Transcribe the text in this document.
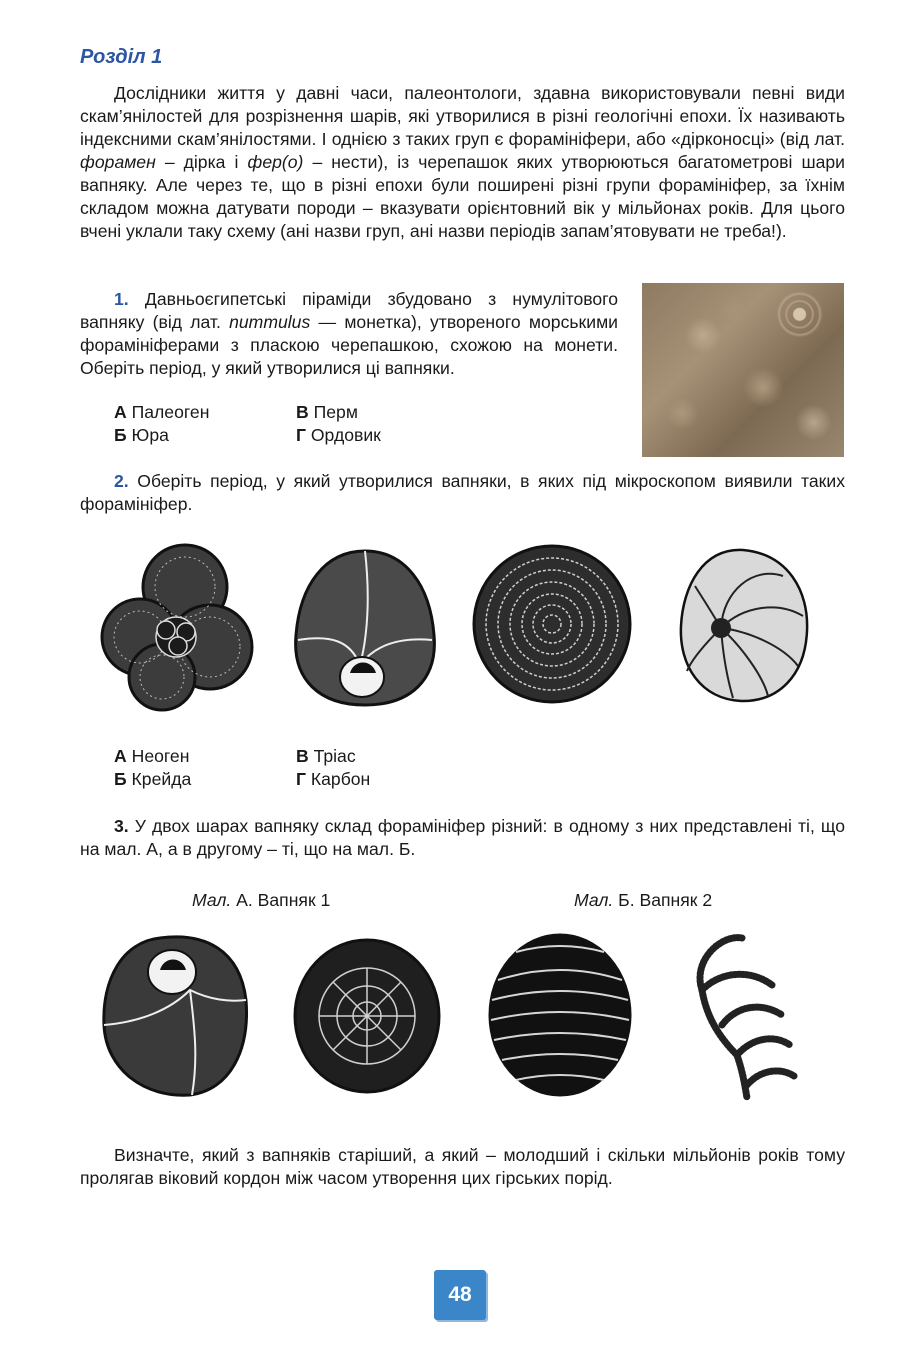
Розділ 1

Дослідники життя у давні часи, палеонтологи, здавна використовували певні види скам’янілостей для розрізнення шарів, які утворилися в різні геологічні епохи. Їх називають індексними скам’янілостями. І однією з таких груп є форамініфери, або «дірконосці» (від лат. форамен – дірка і фер(о) – нести), із черепашок яких утворюються багатометрові шари вапняку. Але через те, що в різні епохи були поширені різні групи форамініфер, за їхнім складом можна датувати породи – вказувати орієнтовний вік у мільйонах років. Для цього вчені уклали таку схему (ані назви груп, ані назви періодів запам’ятовувати не треба!).

1. Давньоєгипетські піраміди збудовано з нумулітового вапняку (від лат. nummulus — монетка), утвореного морськими форамініферами з пласкою черепашкою, схожою на монети. Оберіть період, у який утворилися ці вапняки.

А Палеоген	В Перм
Б Юра	Г Ордовик

2. Оберіть період, у який утворилися вапняки, в яких під мікроскопом виявили таких форамініфер.

А Неоген	В Тріас
Б Крейда	Г Карбон

3. У двох шарах вапняку склад форамініфер різний: в одному з них представлені ті, що на мал. А, а в другому – ті, що на мал. Б.

Мал. А. Вапняк 1	Мал. Б. Вапняк 2

Визначте, який з вапняків старіший, а який – молодший і скільки мільйонів років тому пролягав віковий кордон між часом утворення цих гірських порід.

48
